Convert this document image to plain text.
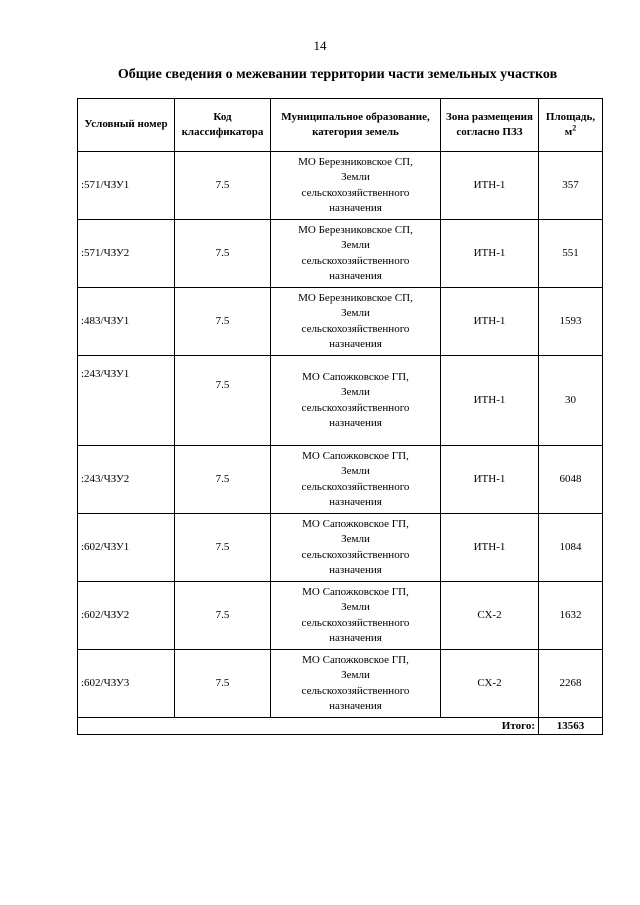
14
Общие сведения о межевании территории части земельных участков
Условный номер	Код классификатора	Муниципальное образование, категория земель	Зона размещения согласно ПЗЗ	Площадь, $м^2$
:571/ЧЗУ1	7.5	МО Березниковское СП,
Земли
сельскохозяйственного
назначения	ИТН-1	357
:571/ЧЗУ2	7.5	МО Березниковское СП,
Земли
сельскохозяйственного
назначения	ИТН-1	551
:483/ЧЗУ1	7.5	МО Березниковское СП,
Земли
сельскохозяйственного
назначения	ИТН-1	1593
:243/ЧЗУ1	7.5	МО Сапожковское ГП,
Земли
сельскохозяйственного
назначения	ИТН-1	30
:243/ЧЗУ2	7.5	МО Сапожковское ГП,
Земли
сельскохозяйственного
назначения	ИТН-1	6048
:602/ЧЗУ1	7.5	МО Сапожковское ГП,
Земли
сельскохозяйственного
назначения	ИТН-1	1084
:602/ЧЗУ2	7.5	МО Сапожковское ГП,
Земли
сельскохозяйственного
назначения	СХ-2	1632
:602/ЧЗУ3	7.5	МО Сапожковское ГП,
Земли
сельскохозяйственного
назначения	СХ-2	2268
Итого:				13563
